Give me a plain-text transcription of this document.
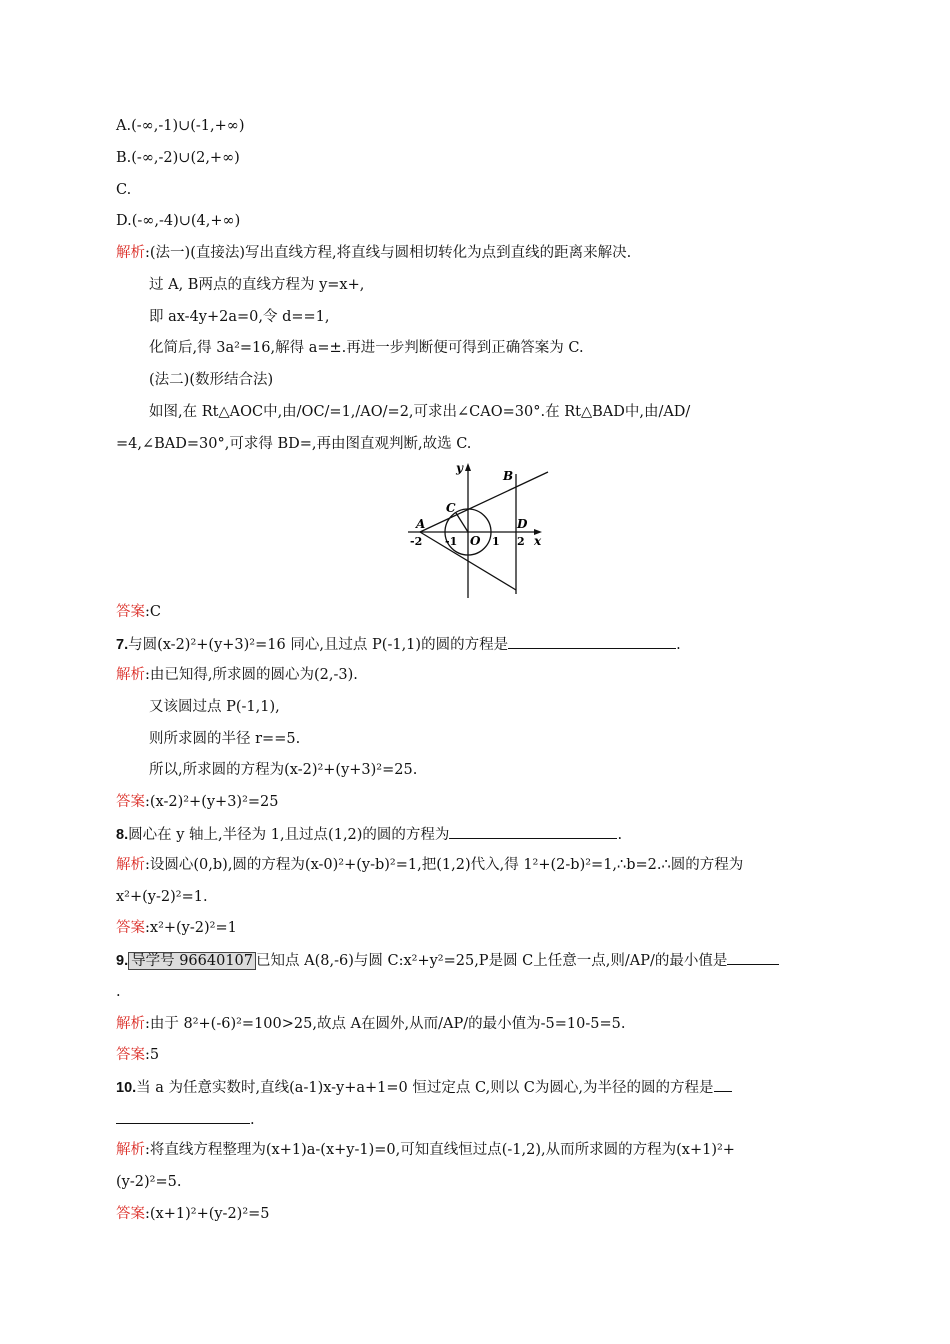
A.(-∞,-1)∪(-1,+∞)
B.(-∞,-2)∪(2,+∞)
C.
D.(-∞,-4)∪(4,+∞)
解析:(法一)(直接法)写出直线方程,将直线与圆相切转化为点到直线的距离来解决.
过 A, B两点的直线方程为 y=x+,
即 ax-4y+2a=0,令 d==1,
化简后,得 3a²=16,解得 a=±.再进一步判断便可得到正确答案为 C.
(法二)(数形结合法)
如图,在 Rt△AOC中,由/OC/=1,/AO/=2,可求出∠CAO=30°.在 Rt△BAD中,由/AD/
=4,∠BAD=30°,可求得 BD=,再由图直观判断,故选 C.
y
B
C
A	D
-2 -1 O 1 2 x
答案:C
7.与圆(x-2)²+(y+3)²=16 同心,且过点 P(-1,1)的圆的方程是	.
解析:由已知得,所求圆的圆心为(2,-3).
又该圆过点 P(-1,1),
则所求圆的半径 r==5.
所以,所求圆的方程为(x-2)²+(y+3)²=25.
答案:(x-2)²+(y+3)²=25
8.圆心在 y 轴上,半径为 1,且过点(1,2)的圆的方程为	.
解析:设圆心(0,b),圆的方程为(x-0)²+(y-b)²=1,把(1,2)代入,得 1²+(2-b)²=1,∴b=2.∴圆的方程为
x²+(y-2)²=1.
答案:x²+(y-2)²=1
9. 导学号 96640107 已知点 A(8,-6)与圆 C:x²+y²=25,P是圆 C上任意一点,则/AP/的最小值是
.
解析:由于 8²+(-6)²=100>25,故点 A在圆外,从而/AP/的最小值为-5=10-5=5.
答案:5
10.当 a 为任意实数时,直线(a-1)x-y+a+1=0 恒过定点 C,则以 C为圆心,为半径的圆的方程是
.
解析:将直线方程整理为(x+1)a-(x+y-1)=0,可知直线恒过点(-1,2),从而所求圆的方程为(x+1)²+
(y-2)²=5.
答案:(x+1)²+(y-2)²=5
